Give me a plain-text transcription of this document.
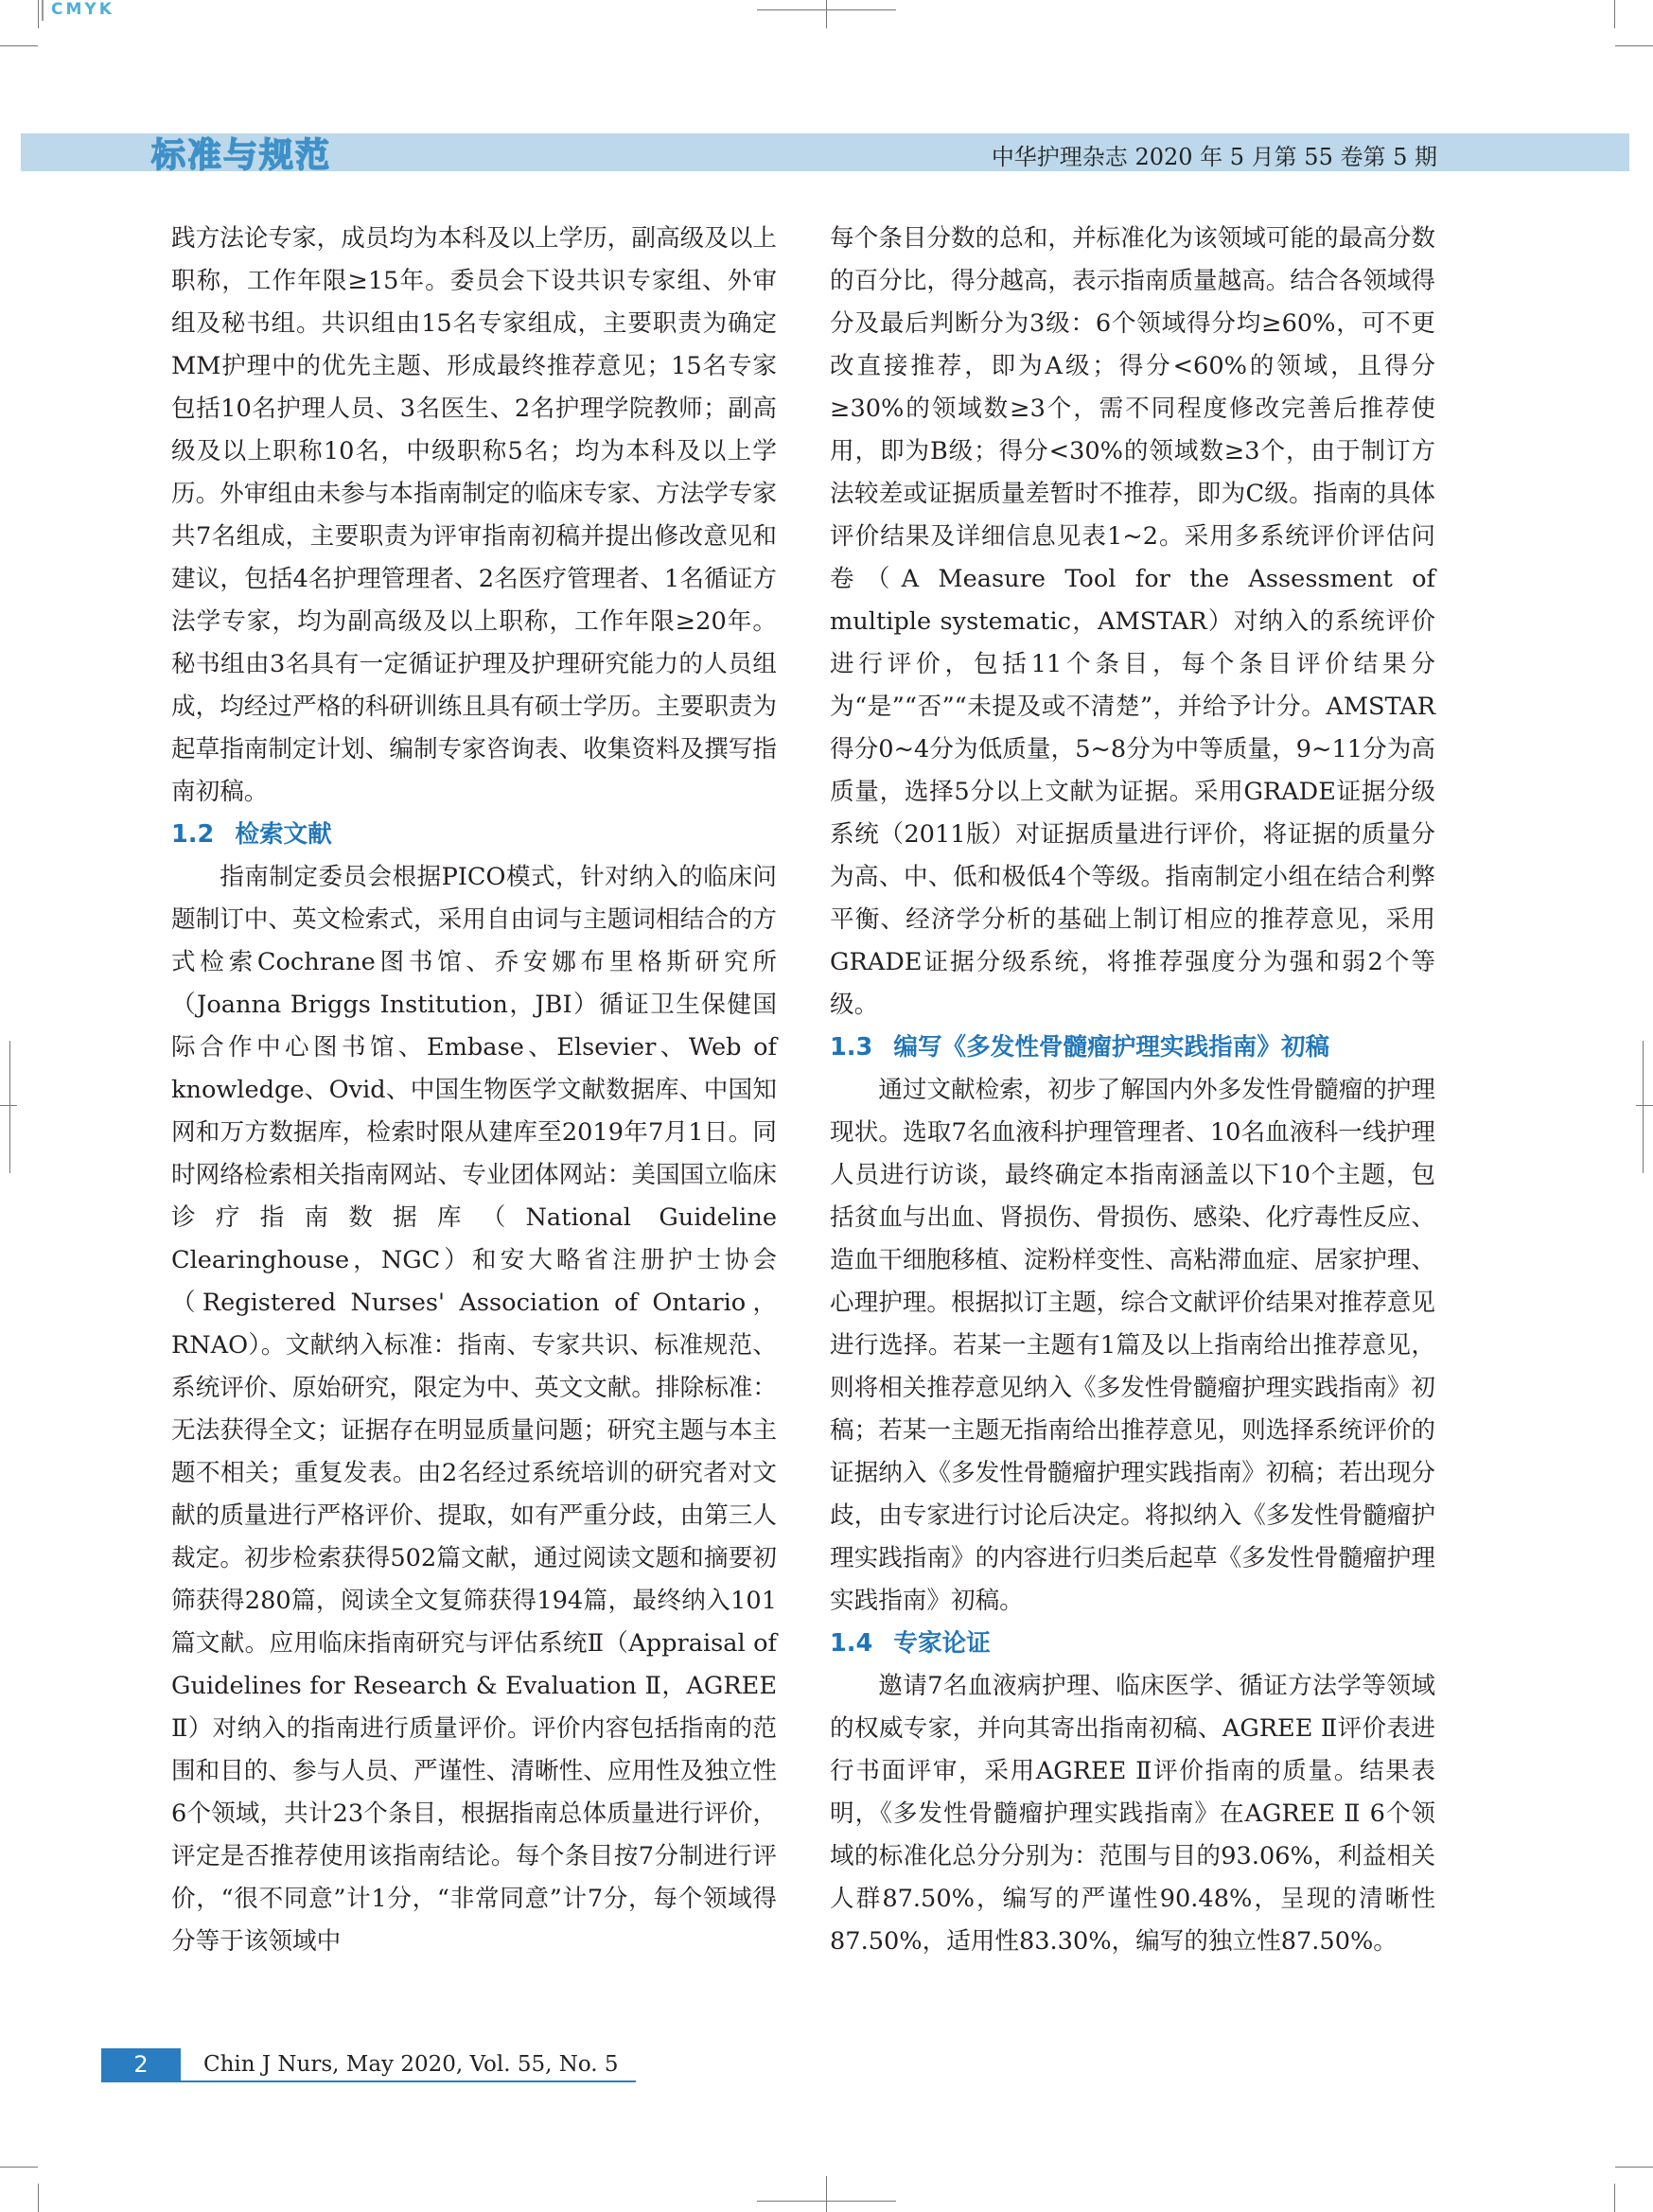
CMYK
标准与规范	中华护理杂志 2020 年 5 月第 55 卷第 5 期

践方法论专家，成员均为本科及以上学历，副高级及以上职称，工作年限≥15年。委员会下设共识专家组、外审组及秘书组。共识组由15名专家组成，主要职责为确定MM护理中的优先主题、形成最终推荐意见；15名专家包括10名护理人员、3名医生、2名护理学院教师；副高级及以上职称10名，中级职称5名；均为本科及以上学历。外审组由未参与本指南制定的临床专家、方法学专家共7名组成，主要职责为评审指南初稿并提出修改意见和建议，包括4名护理管理者、2名医疗管理者、1名循证方法学专家，均为副高级及以上职称，工作年限≥20年。秘书组由3名具有一定循证护理及护理研究能力的人员组成，均经过严格的科研训练且具有硕士学历。主要职责为起草指南制定计划、编制专家咨询表、收集资料及撰写指南初稿。

1.2 检索文献

指南制定委员会根据PICO模式，针对纳入的临床问题制订中、英文检索式，采用自由词与主题词相结合的方式检索Cochrane图书馆、乔安娜布里格斯研究所（Joanna Briggs Institution，JBI）循证卫生保健国际合作中心图书馆、Embase、Elsevier、Web of knowledge、Ovid、中国生物医学文献数据库、中国知网和万方数据库，检索时限从建库至2019年7月1日。同时网络检索相关指南网站、专业团体网站：美国国立临床诊疗指南数据库（National Guideline Clearinghouse，NGC）和安大略省注册护士协会（Registered Nurses' Association of Ontario，RNAO）。文献纳入标准：指南、专家共识、标准规范、系统评价、原始研究，限定为中、英文文献。排除标准：无法获得全文；证据存在明显质量问题；研究主题与本主题不相关；重复发表。由2名经过系统培训的研究者对文献的质量进行严格评价、提取，如有严重分歧，由第三人裁定。初步检索获得502篇文献，通过阅读文题和摘要初筛获得280篇，阅读全文复筛获得194篇，最终纳入101篇文献。应用临床指南研究与评估系统Ⅱ（Appraisal of Guidelines for Research & Evaluation Ⅱ，AGREE Ⅱ）对纳入的指南进行质量评价。评价内容包括指南的范围和目的、参与人员、严谨性、清晰性、应用性及独立性6个领域，共计23个条目，根据指南总体质量进行评价，评定是否推荐使用该指南结论。每个条目按7分制进行评价，“很不同意”计1分，“非常同意”计7分，每个领域得分等于该领域中

每个条目分数的总和，并标准化为该领域可能的最高分数的百分比，得分越高，表示指南质量越高。结合各领域得分及最后判断分为3级：6个领域得分均≥60%，可不更改直接推荐，即为A级；得分<60%的领域，且得分≥30%的领域数≥3个，需不同程度修改完善后推荐使用，即为B级；得分<30%的领域数≥3个，由于制订方法较差或证据质量差暂时不推荐，即为C级。指南的具体评价结果及详细信息见表1~2。采用多系统评价评估问卷（A Measure Tool for the Assessment of multiple systematic，AMSTAR）对纳入的系统评价进行评价，包括11个条目，每个条目评价结果分为“是”“否”“未提及或不清楚”，并给予计分。AMSTAR得分0~4分为低质量，5~8分为中等质量，9~11分为高质量，选择5分以上文献为证据。采用GRADE证据分级系统（2011版）对证据质量进行评价，将证据的质量分为高、中、低和极低4个等级。指南制定小组在结合利弊平衡、经济学分析的基础上制订相应的推荐意见，采用GRADE证据分级系统，将推荐强度分为强和弱2个等级。

1.3 编写《多发性骨髓瘤护理实践指南》初稿

通过文献检索，初步了解国内外多发性骨髓瘤的护理现状。选取7名血液科护理管理者、10名血液科一线护理人员进行访谈，最终确定本指南涵盖以下10个主题，包括贫血与出血、肾损伤、骨损伤、感染、化疗毒性反应、造血干细胞移植、淀粉样变性、高粘滞血症、居家护理、心理护理。根据拟订主题，综合文献评价结果对推荐意见进行选择。若某一主题有1篇及以上指南给出推荐意见，则将相关推荐意见纳入《多发性骨髓瘤护理实践指南》初稿；若某一主题无指南给出推荐意见，则选择系统评价的证据纳入《多发性骨髓瘤护理实践指南》初稿；若出现分歧，由专家进行讨论后决定。将拟纳入《多发性骨髓瘤护理实践指南》的内容进行归类后起草《多发性骨髓瘤护理实践指南》初稿。

1.4 专家论证

邀请7名血液病护理、临床医学、循证方法学等领域的权威专家，并向其寄出指南初稿、AGREE Ⅱ评价表进行书面评审，采用AGREE Ⅱ评价指南的质量。结果表明，《多发性骨髓瘤护理实践指南》在AGREE Ⅱ 6个领域的标准化总分分别为：范围与目的93.06%，利益相关人群87.50%，编写的严谨性90.48%，呈现的清晰性87.50%，适用性83.30%，编写的独立性87.50%。

2	Chin J Nurs, May 2020, Vol. 55, No. 5
